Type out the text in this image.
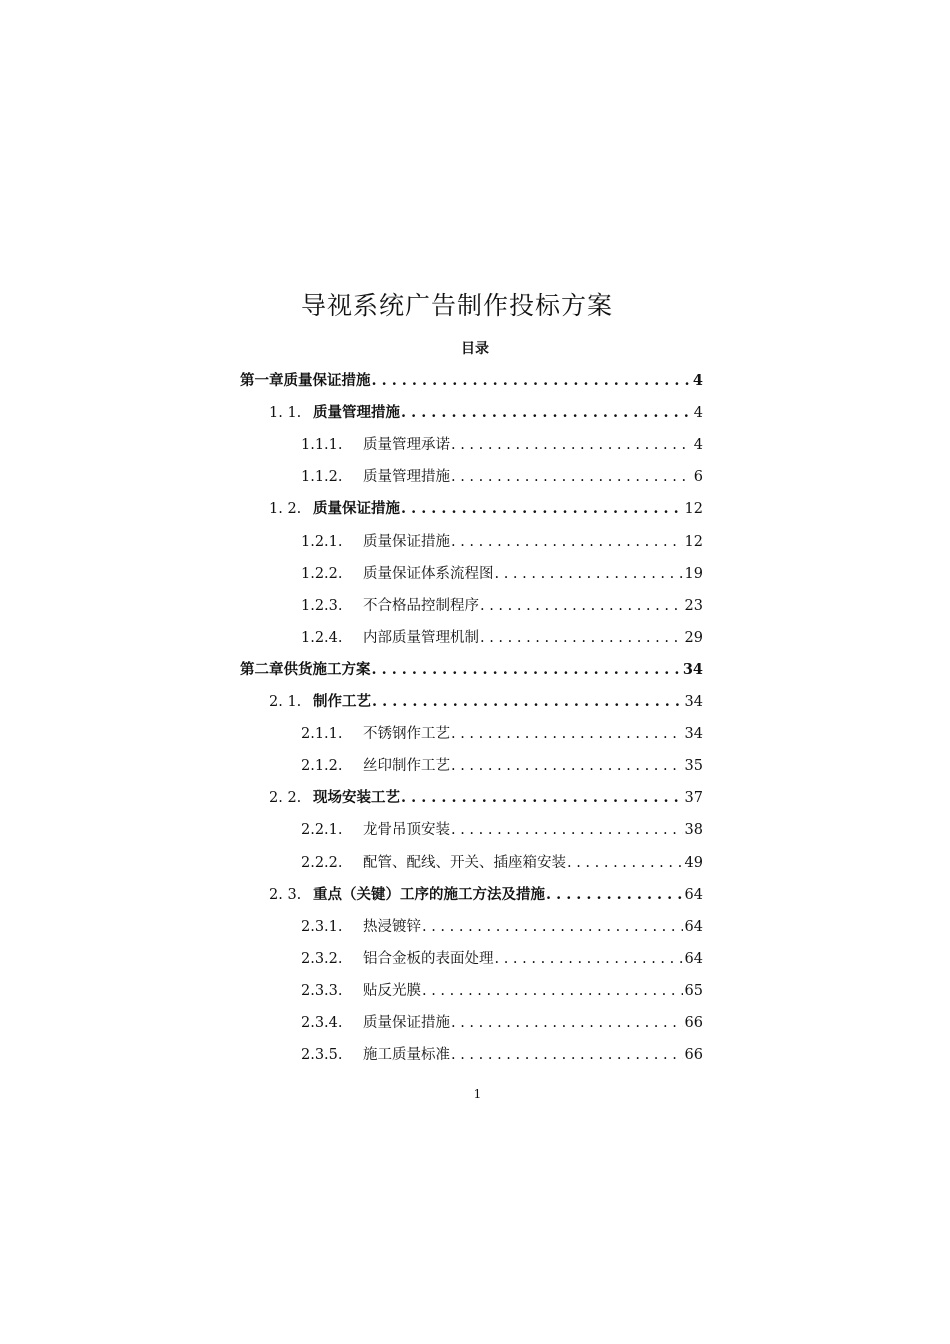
导视系统广告制作投标方案
目录
第一章质量保证措施 . . .	4
1. 1. 质量管理措施 . . .	4
1.1.1.	质量管理承诺 . . .	4
1.1.2.	质量管理措施 . . .	6
1. 2. 质量保证措施 . . .	12
1.2.1.	质量保证措施 . . .	12
1.2.2.	质量保证体系流程图 . . .	19
1.2.3.	不合格品控制程序 . . .	23
1.2.4.	内部质量管理机制 . . .	29
第二章供货施工方案 . . .	34
2. 1. 制作工艺 . . .	34
2.1.1.	不锈钢作工艺 . . .	34
2.1.2.	丝印制作工艺 . . .	35
2. 2. 现场安装工艺 . . .	37
2.2.1.	龙骨吊顶安装 . . .	38
2.2.2.	配管、配线、开关、插座箱安装 . . .	49
2. 3. 重点（关键）工序的施工方法及措施 . . .	64
2.3.1.	热浸镀锌 . . .	64
2.3.2.	铝合金板的表面处理 . . .	64
2.3.3.	贴反光膜 . . .	65
2.3.4.	质量保证措施 . . .	66
2.3.5.	施工质量标准 . . .	66
1
